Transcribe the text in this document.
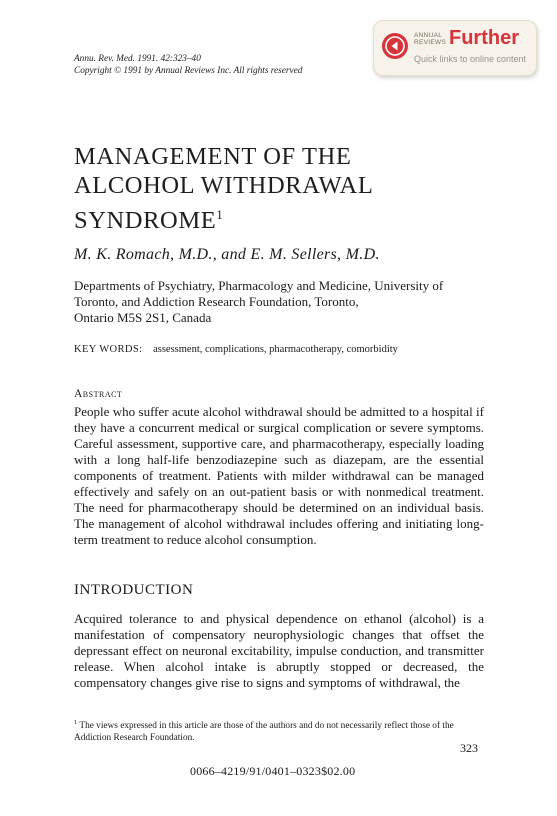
Annu. Rev. Med. 1991. 42:323–40
Copyright © 1991 by Annual Reviews Inc. All rights reserved
ANNUAL
REVIEWS Further
Quick links to online content
MANAGEMENT OF THE
ALCOHOL WITHDRAWAL
SYNDROME$^1$
M. K. Romach, M.D., and E. M. Sellers, M.D.
Departments of Psychiatry, Pharmacology and Medicine, University of
Toronto, and Addiction Research Foundation, Toronto,
Ontario M5S 2S1, Canada
KEY WORDS: assessment, complications, pharmacotherapy, comorbidity
Abstract
People who suffer acute alcohol withdrawal should be admitted to a hospital if they have a concurrent medical or surgical complication or severe symptoms. Careful assessment, supportive care, and pharmacotherapy, especially loading with a long half-life benzodiazepine such as diazepam, are the essential components of treatment. Patients with milder withdrawal can be managed effectively and safely on an out-patient basis or with nonmedical treatment. The need for pharmacotherapy should be determined on an individual basis. The management of alcohol withdrawal includes offering and initiating long-term treatment to reduce alcohol consumption.
INTRODUCTION
Acquired tolerance to and physical dependence on ethanol (alcohol) is a manifestation of compensatory neurophysiologic changes that offset the depressant effect on neuronal excitability, impulse conduction, and transmitter release. When alcohol intake is abruptly stopped or decreased, the compensatory changes give rise to signs and symptoms of withdrawal, the
$^1$ The views expressed in this article are those of the authors and do not necessarily reflect those of the Addiction Research Foundation.
323
0066–4219/91/0401–0323$02.00
